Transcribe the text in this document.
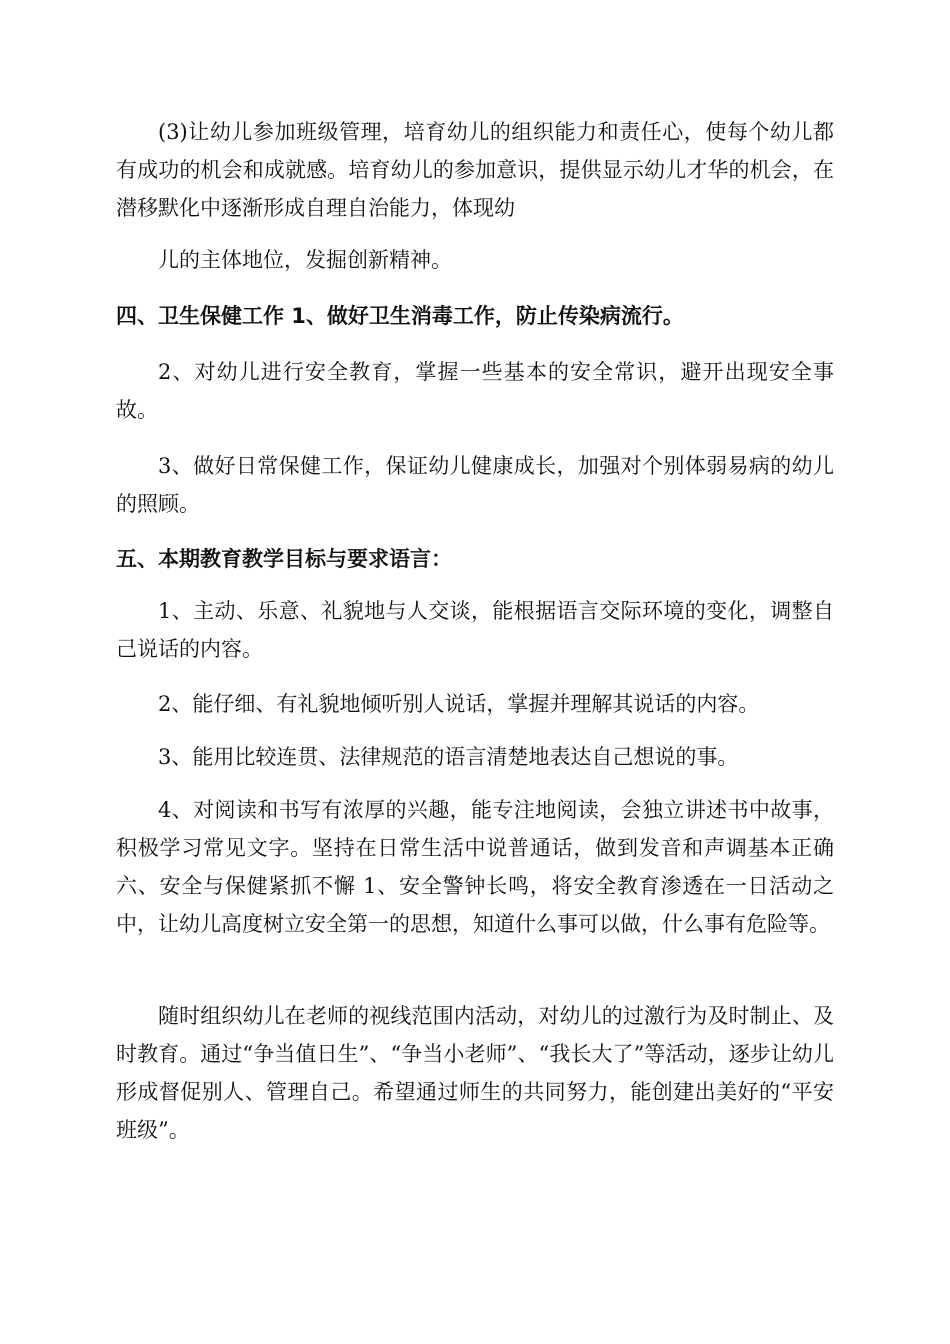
(3)让幼儿参加班级管理，培育幼儿的组织能力和责任心，使每个幼儿都有成功的机会和成就感。培育幼儿的参加意识，提供显示幼儿才华的机会，在潜移默化中逐渐形成自理自治能力，体现幼

儿的主体地位，发掘创新精神。

四、卫生保健工作 1、做好卫生消毒工作，防止传染病流行。

2、对幼儿进行安全教育，掌握一些基本的安全常识，避开出现安全事故。

3、做好日常保健工作，保证幼儿健康成长，加强对个别体弱易病的幼儿的照顾。

五、本期教育教学目标与要求语言：

1、主动、乐意、礼貌地与人交谈，能根据语言交际环境的变化，调整自己说话的内容。

2、能仔细、有礼貌地倾听别人说话，掌握并理解其说话的内容。

3、能用比较连贯、法律规范的语言清楚地表达自己想说的事。

4、对阅读和书写有浓厚的兴趣，能专注地阅读，会独立讲述书中故事，积极学习常见文字。坚持在日常生活中说普通话，做到发音和声调基本正确六、安全与保健紧抓不懈 1、安全警钟长鸣，将安全教育渗透在一日活动之中，让幼儿高度树立安全第一的思想，知道什么事可以做，什么事有危险等。

随时组织幼儿在老师的视线范围内活动，对幼儿的过激行为及时制止、及时教育。通过“争当值日生”、“争当小老师”、“我长大了”等活动，逐步让幼儿形成督促别人、管理自己。希望通过师生的共同努力，能创建出美好的“平安班级”。
